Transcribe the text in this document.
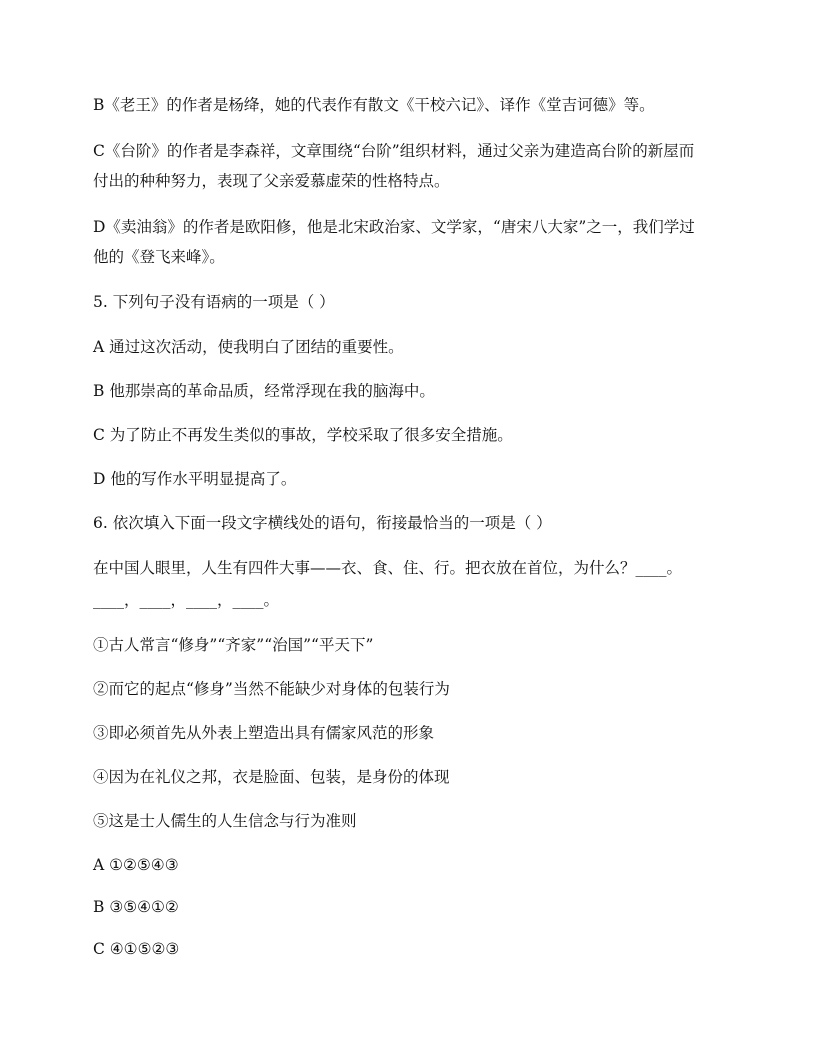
B《老王》的作者是杨绛，她的代表作有散文《干校六记》、译作《堂吉诃德》等。
C《台阶》的作者是李森祥，文章围绕“台阶”组织材料，通过父亲为建造高台阶的新屋而
付出的种种努力，表现了父亲爱慕虚荣的性格特点。
D《卖油翁》的作者是欧阳修，他是北宋政治家、文学家，“唐宋八大家”之一，我们学过
他的《登飞来峰》。
5. 下列句子没有语病的一项是（ ）
A 通过这次活动，使我明白了团结的重要性。
B 他那崇高的革命品质，经常浮现在我的脑海中。
C 为了防止不再发生类似的事故，学校采取了很多安全措施。
D 他的写作水平明显提高了。
6. 依次填入下面一段文字横线处的语句，衔接最恰当的一项是（ ）
在中国人眼里，人生有四件大事——衣、食、住、行。把衣放在首位，为什么？____。
____，____，____，____。
①古人常言“修身”“齐家”“治国”“平天下”
②而它的起点“修身”当然不能缺少对身体的包装行为
③即必须首先从外表上塑造出具有儒家风范的形象
④因为在礼仪之邦，衣是脸面、包装，是身份的体现
⑤这是士人儒生的人生信念与行为准则
A ①②⑤④③
B ③⑤④①②
C ④①⑤②③
